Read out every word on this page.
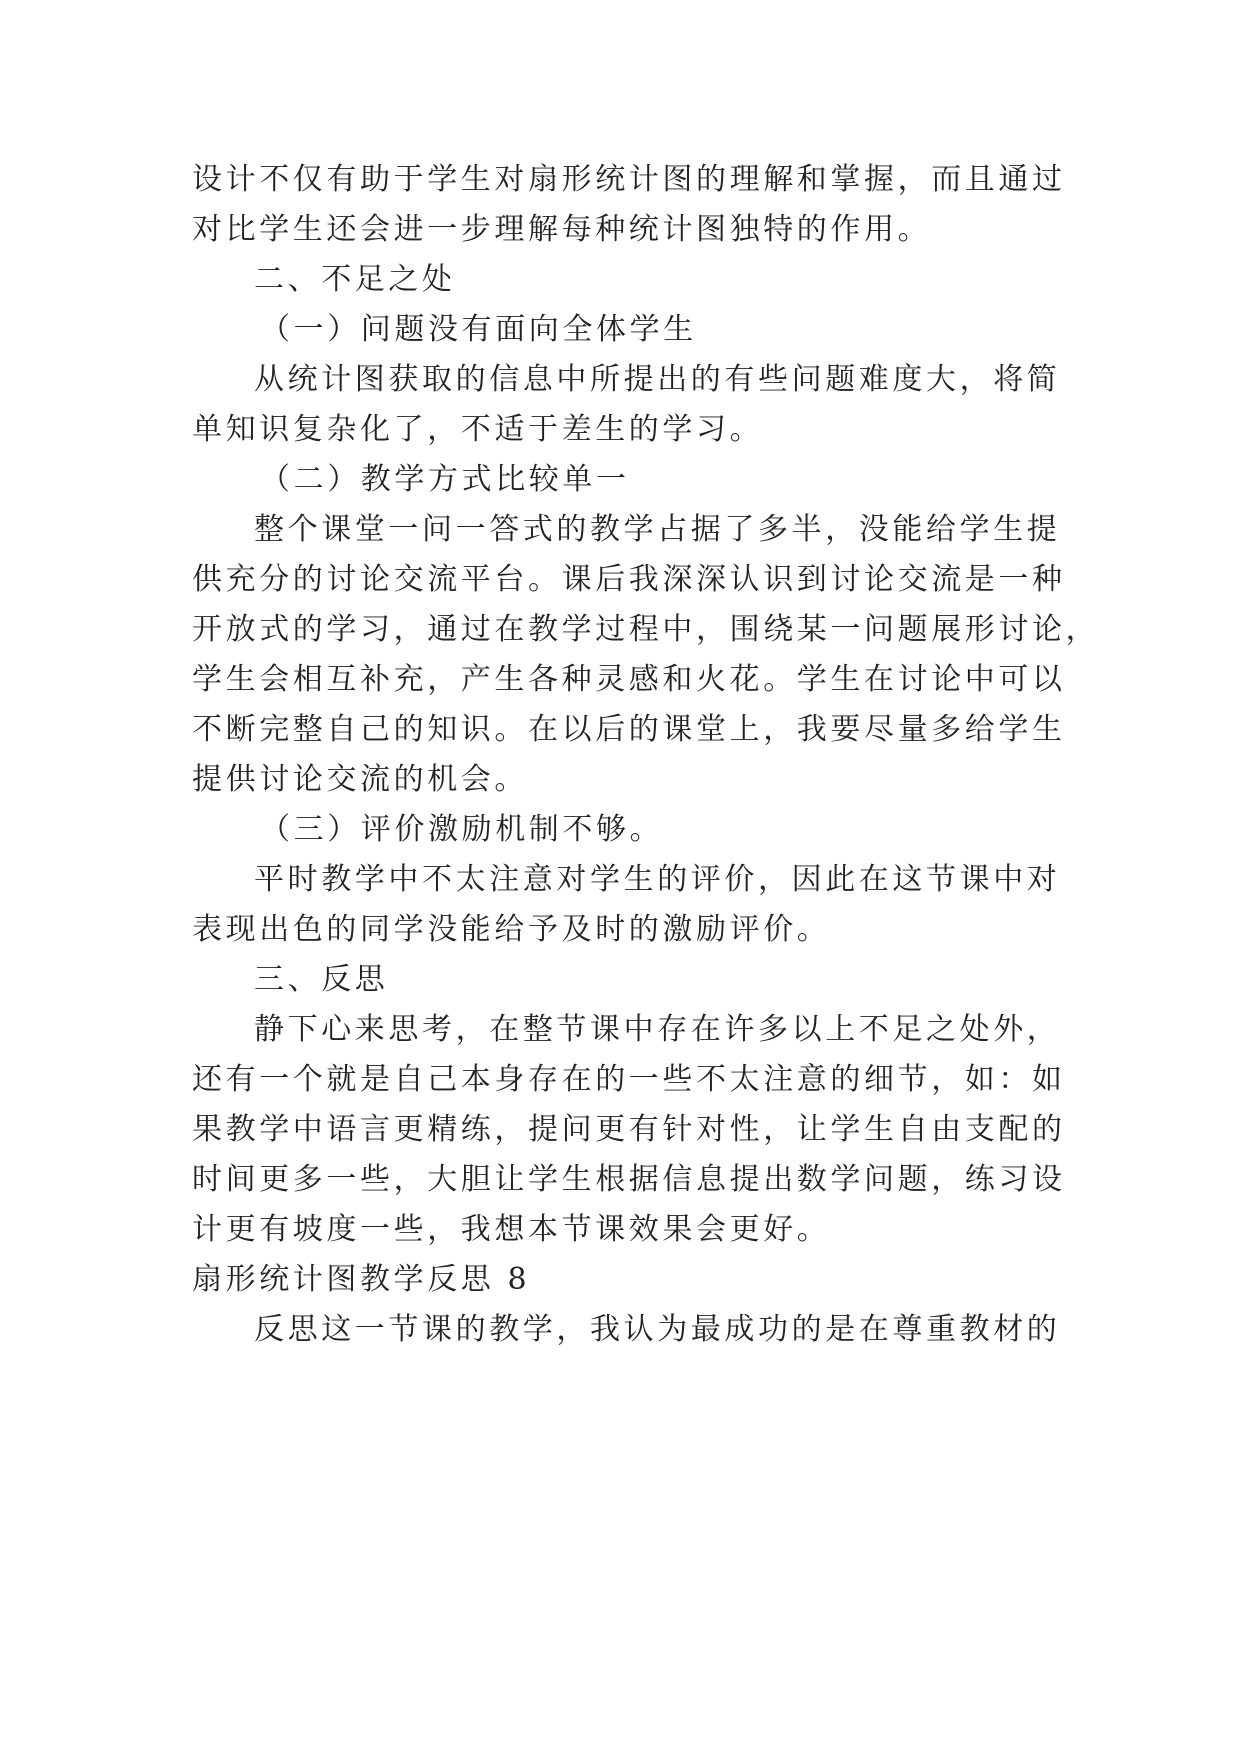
设计不仅有助于学生对扇形统计图的理解和掌握，而且通过
对比学生还会进一步理解每种统计图独特的作用。
二、不足之处
（一）问题没有面向全体学生
从统计图获取的信息中所提出的有些问题难度大，将简
单知识复杂化了，不适于差生的学习。
（二）教学方式比较单一
整个课堂一问一答式的教学占据了多半，没能给学生提
供充分的讨论交流平台。课后我深深认识到讨论交流是一种
开放式的学习，通过在教学过程中，围绕某一问题展形讨论，
学生会相互补充，产生各种灵感和火花。学生在讨论中可以
不断完整自己的知识。在以后的课堂上，我要尽量多给学生
提供讨论交流的机会。
（三）评价激励机制不够。
平时教学中不太注意对学生的评价，因此在这节课中对
表现出色的同学没能给予及时的激励评价。
三、反思
静下心来思考，在整节课中存在许多以上不足之处外，
还有一个就是自己本身存在的一些不太注意的细节，如：如
果教学中语言更精练，提问更有针对性，让学生自由支配的
时间更多一些，大胆让学生根据信息提出数学问题，练习设
计更有坡度一些，我想本节课效果会更好。
扇形统计图教学反思 8
反思这一节课的教学，我认为最成功的是在尊重教材的
